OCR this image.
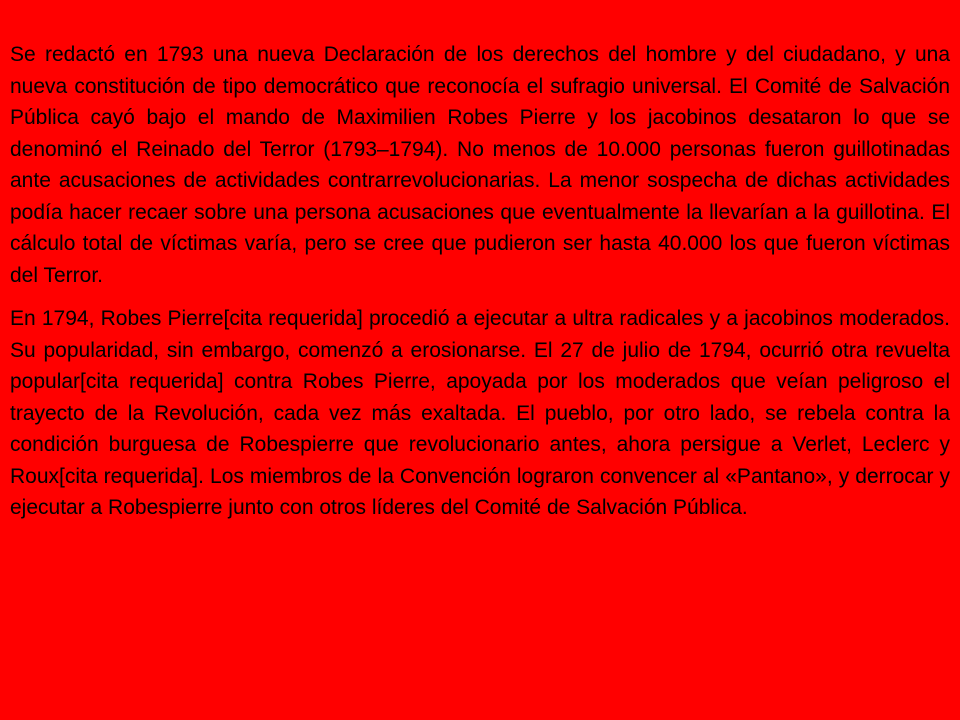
Se redactó en 1793 una nueva Declaración de los derechos del hombre y del ciudadano, y una nueva constitución de tipo democrático que reconocía el sufragio universal. El Comité de Salvación Pública cayó bajo el mando de Maximilien Robes Pierre y los jacobinos desataron lo que se denominó el Reinado del Terror (1793–1794). No menos de 10.000 personas fueron guillotinadas ante acusaciones de actividades contrarrevolucionarias. La menor sospecha de dichas actividades podía hacer recaer sobre una persona acusaciones que eventualmente la llevarían a la guillotina. El cálculo total de víctimas varía, pero se cree que pudieron ser hasta 40.000 los que fueron víctimas del Terror.

En 1794, Robes Pierre[cita requerida] procedió a ejecutar a ultra radicales y a jacobinos moderados. Su popularidad, sin embargo, comenzó a erosionarse. El 27 de julio de 1794, ocurrió otra revuelta popular[cita requerida] contra Robes Pierre, apoyada por los moderados que veían peligroso el trayecto de la Revolución, cada vez más exaltada. El pueblo, por otro lado, se rebela contra la condición burguesa de Robespierre que revolucionario antes, ahora persigue a Verlet, Leclerc y Roux[cita requerida]. Los miembros de la Convención lograron convencer al «Pantano», y derrocar y ejecutar a Robespierre junto con otros líderes del Comité de Salvación Pública.
